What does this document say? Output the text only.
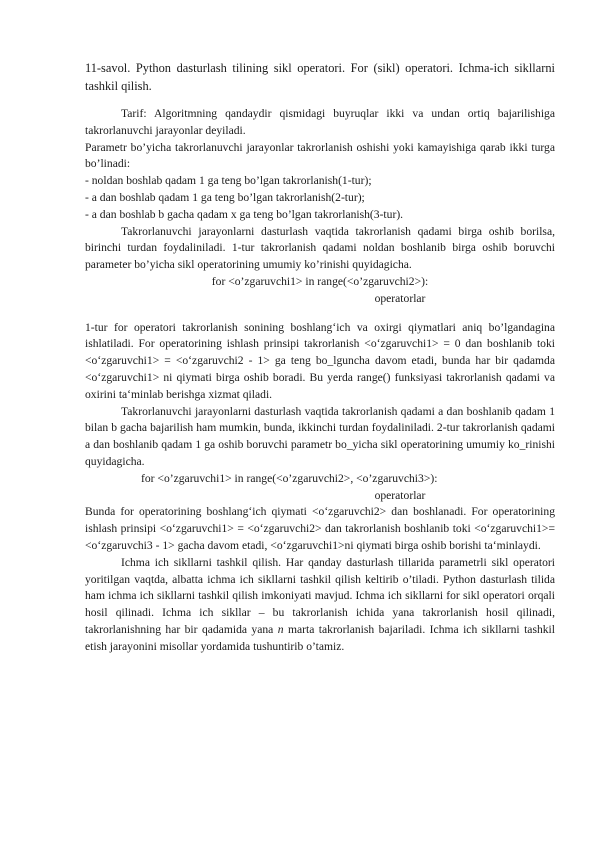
11-savol. Python dasturlash tilining sikl operatori. For (sikl) operatori. Ichma-ich sikllarni tashkil qilish.

Tarif: Algoritmning qandaydir qismidagi buyruqlar ikki va undan ortiq bajarilishiga takrorlanuvchi jarayonlar deyiladi.

Parametr bo’yicha takrorlanuvchi jarayonlar takrorlanish oshishi yoki kamayishiga qarab ikki turga bo’linadi:

- noldan boshlab qadam 1 ga teng bo’lgan takrorlanish(1-tur);

- a dan boshlab qadam 1 ga teng bo’lgan takrorlanish(2-tur);

- a dan boshlab b gacha qadam x ga teng bo’lgan takrorlanish(3-tur).

Takrorlanuvchi jarayonlarni dasturlash vaqtida takrorlanish qadami birga oshib borilsa, birinchi turdan foydaliniladi. 1-tur takrorlanish qadami noldan boshlanib birga oshib boruvchi parameter bo’yicha sikl operatorining umumiy ko’rinishi quyidagicha.

for <o’zgaruvchi1> in range(<o’zgaruvchi2>):

operatorlar

1-tur for operatori takrorlanish sonining boshlang‘ich va oxirgi qiymatlari aniq bo’lgandagina ishlatiladi. For operatorining ishlash prinsipi takrorlanish <o‘zgaruvchi1> = 0 dan boshlanib toki <o‘zgaruvchi1> = <o‘zgaruvchi2 - 1> ga teng bo_lguncha davom etadi, bunda har bir qadamda <o‘zgaruvchi1> ni qiymati birga oshib boradi. Bu yerda range() funksiyasi takrorlanish qadami va oxirini ta‘minlab berishga xizmat qiladi.

Takrorlanuvchi jarayonlarni dasturlash vaqtida takrorlanish qadami a dan boshlanib qadam 1 bilan b gacha bajarilish ham mumkin, bunda, ikkinchi turdan foydaliniladi. 2-tur takrorlanish qadami a dan boshlanib qadam 1 ga oshib boruvchi parametr bo_yicha sikl operatorining umumiy ko_rinishi quyidagicha.

for <o’zgaruvchi1> in range(<o’zgaruvchi2>, <o’zgaruvchi3>):

operatorlar

Bunda for operatorining boshlang‘ich qiymati <o‘zgaruvchi2> dan boshlanadi. For operatorining ishlash prinsipi <o‘zgaruvchi1> = <o‘zgaruvchi2> dan takrorlanish boshlanib toki <o‘zgaruvchi1>=<o‘zgaruvchi3 - 1> gacha davom etadi, <o‘zgaruvchi1>ni qiymati birga oshib borishi ta‘minlaydi.

Ichma ich sikllarni tashkil qilish. Har qanday dasturlash tillarida parametrli sikl operatori yoritilgan vaqtda, albatta ichma ich sikllarni tashkil qilish keltirib o’tiladi. Python dasturlash tilida ham ichma ich sikllarni tashkil qilish imkoniyati mavjud. Ichma ich sikllarni for sikl operatori orqali hosil qilinadi. Ichma ich sikllar – bu takrorlanish ichida yana takrorlanish hosil qilinadi, takrorlanishning har bir qadamida yana n marta takrorlanish bajariladi. Ichma ich sikllarni tashkil etish jarayonini misollar yordamida tushuntirib o’tamiz.
